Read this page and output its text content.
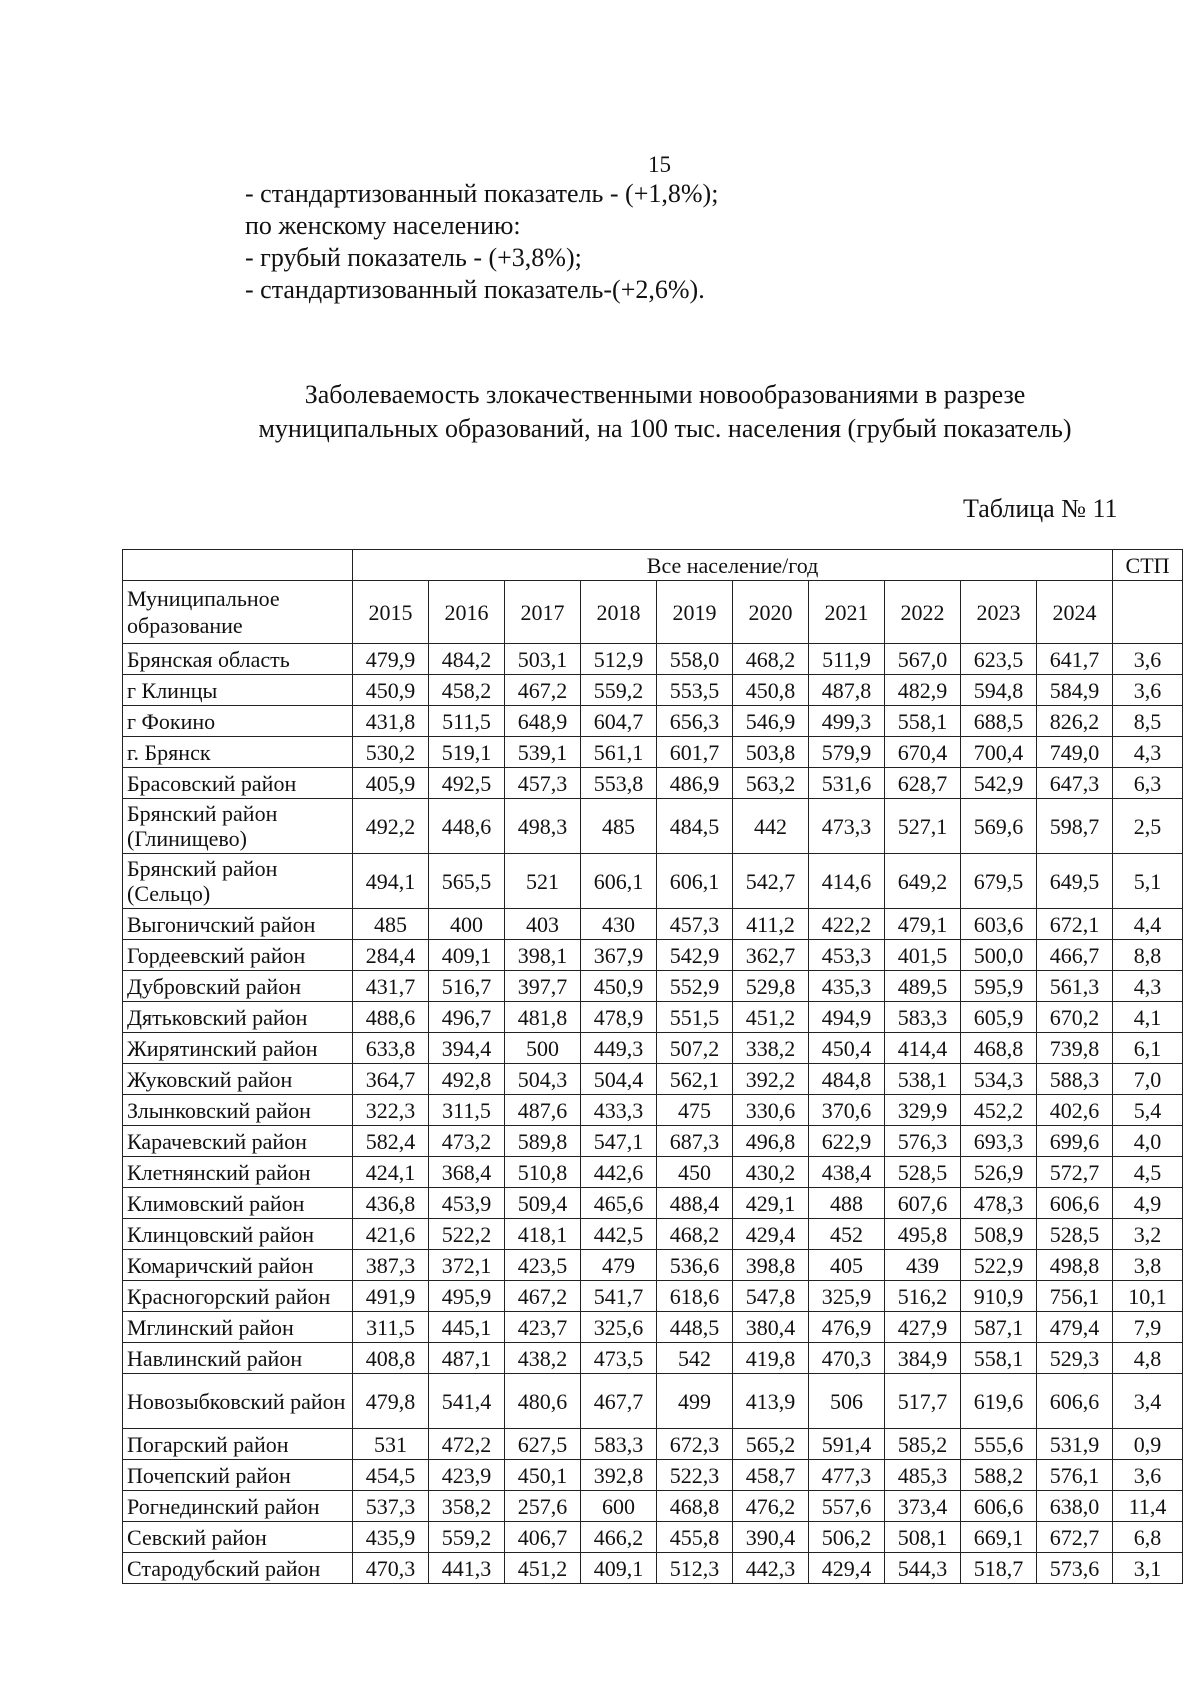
15
- стандартизованный показатель - (+1,8%);
по женскому населению:
- грубый показатель - (+3,8%);
- стандартизованный показатель-(+2,6%).
Заболеваемость злокачественными новообразованиями в разрезе
муниципальных образований, на 100 тыс. населения (грубый показатель)
Таблица № 11
	Все население/год										СТП
Муниципальное образование	2015	2016	2017	2018	2019	2020	2021	2022	2023	2024	
Брянская область	479,9	484,2	503,1	512,9	558,0	468,2	511,9	567,0	623,5	641,7	3,6
г Клинцы	450,9	458,2	467,2	559,2	553,5	450,8	487,8	482,9	594,8	584,9	3,6
г Фокино	431,8	511,5	648,9	604,7	656,3	546,9	499,3	558,1	688,5	826,2	8,5
г. Брянск	530,2	519,1	539,1	561,1	601,7	503,8	579,9	670,4	700,4	749,0	4,3
Брасовский район	405,9	492,5	457,3	553,8	486,9	563,2	531,6	628,7	542,9	647,3	6,3
Брянский район (Глинищево)	492,2	448,6	498,3	485	484,5	442	473,3	527,1	569,6	598,7	2,5
Брянский район (Сельцо)	494,1	565,5	521	606,1	606,1	542,7	414,6	649,2	679,5	649,5	5,1
Выгоничский район	485	400	403	430	457,3	411,2	422,2	479,1	603,6	672,1	4,4
Гордеевский район	284,4	409,1	398,1	367,9	542,9	362,7	453,3	401,5	500,0	466,7	8,8
Дубровский район	431,7	516,7	397,7	450,9	552,9	529,8	435,3	489,5	595,9	561,3	4,3
Дятьковский район	488,6	496,7	481,8	478,9	551,5	451,2	494,9	583,3	605,9	670,2	4,1
Жирятинский район	633,8	394,4	500	449,3	507,2	338,2	450,4	414,4	468,8	739,8	6,1
Жуковский район	364,7	492,8	504,3	504,4	562,1	392,2	484,8	538,1	534,3	588,3	7,0
Злынковский район	322,3	311,5	487,6	433,3	475	330,6	370,6	329,9	452,2	402,6	5,4
Карачевский район	582,4	473,2	589,8	547,1	687,3	496,8	622,9	576,3	693,3	699,6	4,0
Клетнянский район	424,1	368,4	510,8	442,6	450	430,2	438,4	528,5	526,9	572,7	4,5
Климовский район	436,8	453,9	509,4	465,6	488,4	429,1	488	607,6	478,3	606,6	4,9
Клинцовский район	421,6	522,2	418,1	442,5	468,2	429,4	452	495,8	508,9	528,5	3,2
Комаричский район	387,3	372,1	423,5	479	536,6	398,8	405	439	522,9	498,8	3,8
Красногорский район	491,9	495,9	467,2	541,7	618,6	547,8	325,9	516,2	910,9	756,1	10,1
Мглинский район	311,5	445,1	423,7	325,6	448,5	380,4	476,9	427,9	587,1	479,4	7,9
Навлинский район	408,8	487,1	438,2	473,5	542	419,8	470,3	384,9	558,1	529,3	4,8
Новозыбковский район	479,8	541,4	480,6	467,7	499	413,9	506	517,7	619,6	606,6	3,4
Погарский район	531	472,2	627,5	583,3	672,3	565,2	591,4	585,2	555,6	531,9	0,9
Почепский район	454,5	423,9	450,1	392,8	522,3	458,7	477,3	485,3	588,2	576,1	3,6
Рогнединский район	537,3	358,2	257,6	600	468,8	476,2	557,6	373,4	606,6	638,0	11,4
Севский район	435,9	559,2	406,7	466,2	455,8	390,4	506,2	508,1	669,1	672,7	6,8
Стародубский район	470,3	441,3	451,2	409,1	512,3	442,3	429,4	544,3	518,7	573,6	3,1
